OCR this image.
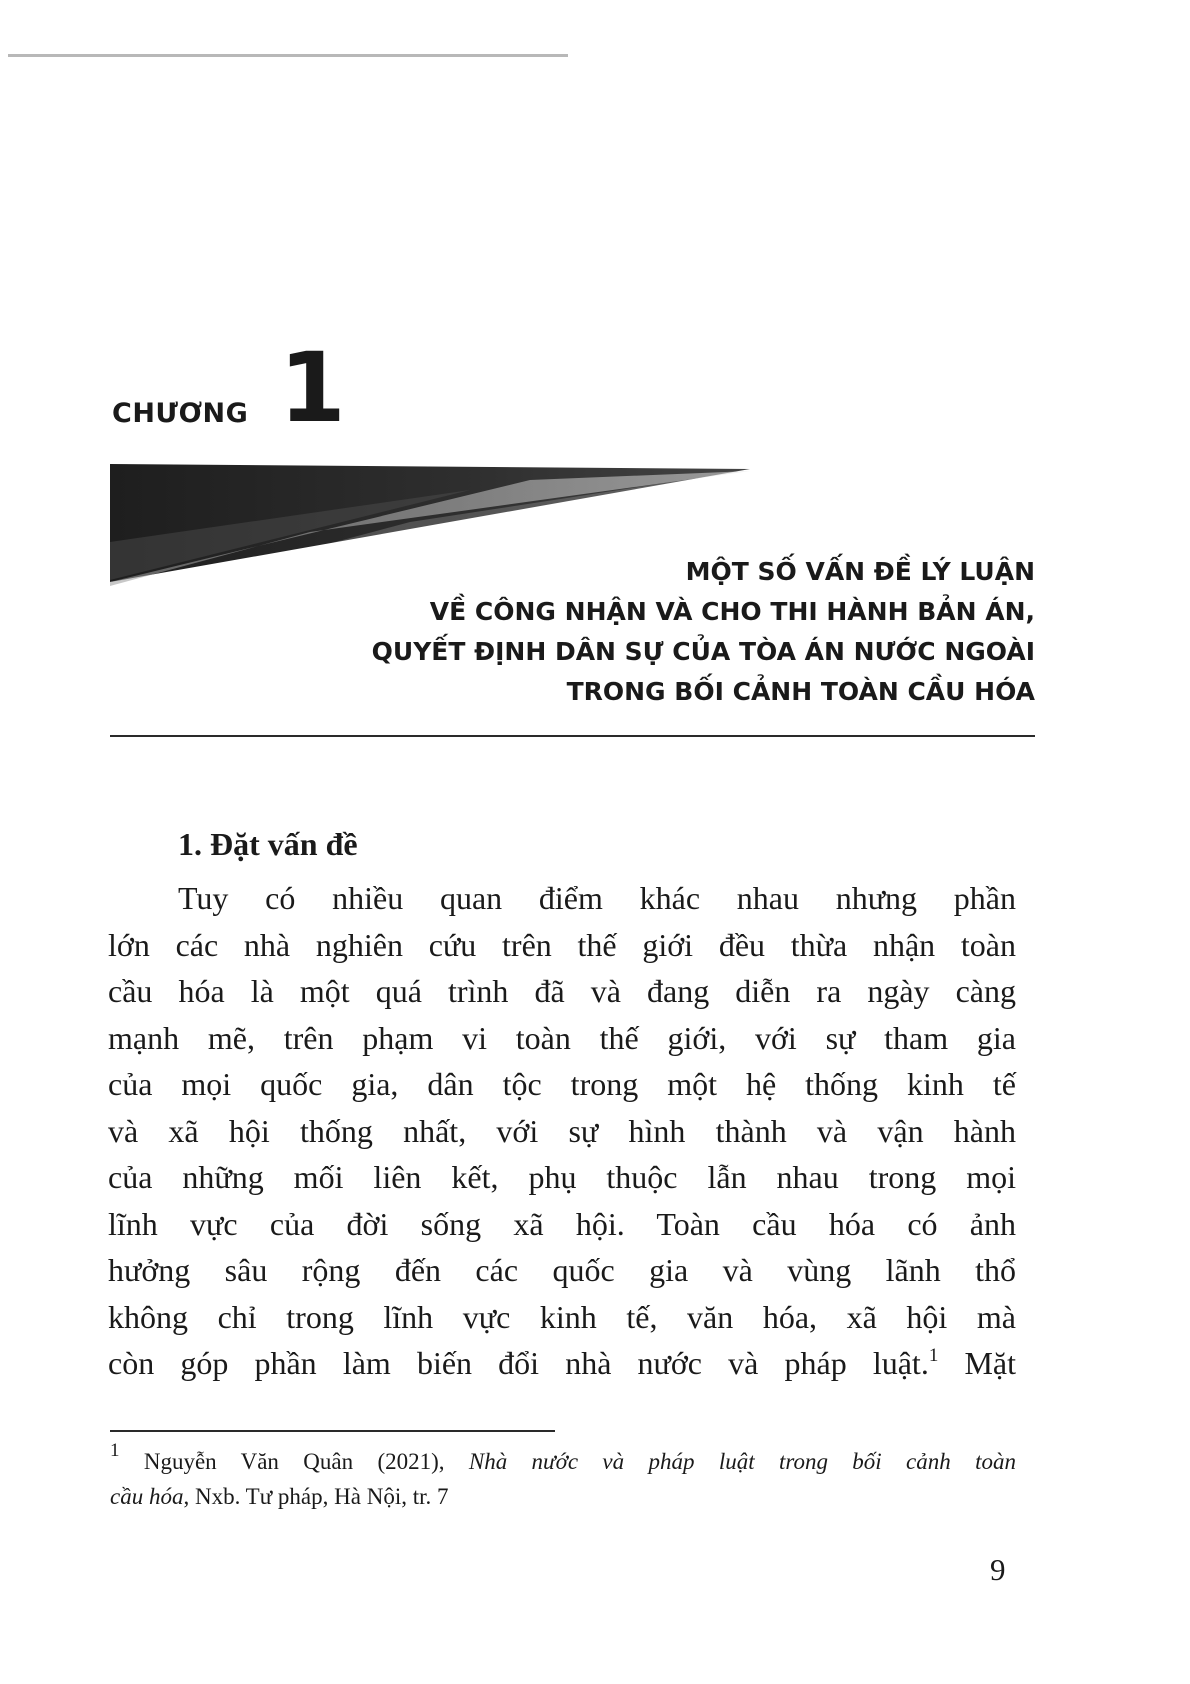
CHƯƠNG 1
MỘT SỐ VẤN ĐỀ LÝ LUẬN
VỀ CÔNG NHẬN VÀ CHO THI HÀNH BẢN ÁN,
QUYẾT ĐỊNH DÂN SỰ CỦA TÒA ÁN NƯỚC NGOÀI
TRONG BỐI CẢNH TOÀN CẦU HÓA
1. Đặt vấn đề
Tuy có nhiều quan điểm khác nhau nhưng phần
lớn các nhà nghiên cứu trên thế giới đều thừa nhận toàn
cầu hóa là một quá trình đã và đang diễn ra ngày càng
mạnh mẽ, trên phạm vi toàn thế giới, với sự tham gia
của mọi quốc gia, dân tộc trong một hệ thống kinh tế
và xã hội thống nhất, với sự hình thành và vận hành
của những mối liên kết, phụ thuộc lẫn nhau trong mọi
lĩnh vực của đời sống xã hội. Toàn cầu hóa có ảnh
hưởng sâu rộng đến các quốc gia và vùng lãnh thổ
không chỉ trong lĩnh vực kinh tế, văn hóa, xã hội mà
còn góp phần làm biến đổi nhà nước và pháp luật.$^1$ Mặt
$^1$ Nguyễn Văn Quân (2021), Nhà nước và pháp luật trong bối cảnh toàn
cầu hóa, Nxb. Tư pháp, Hà Nội, tr. 7
9
